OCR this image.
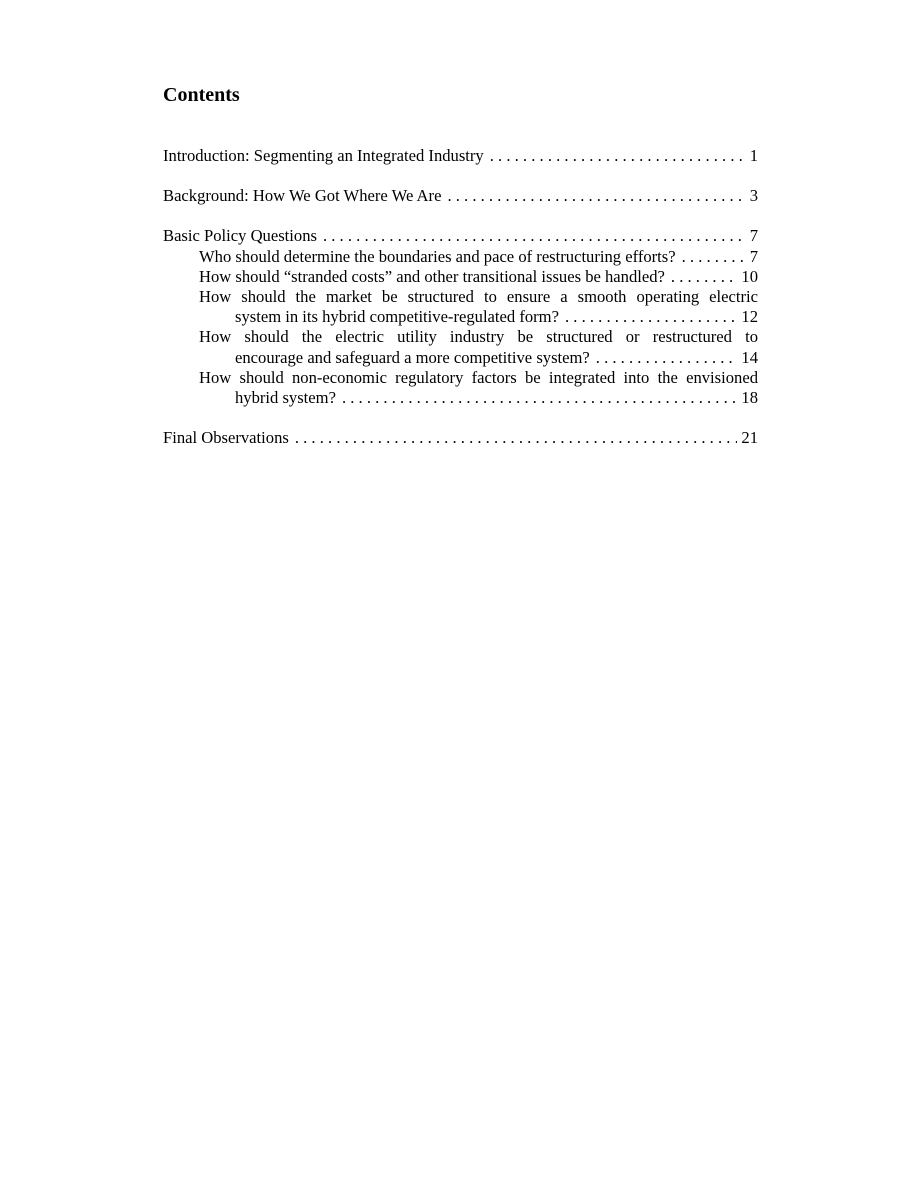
Contents
Introduction: Segmenting an Integrated Industry . . .	1
Background: How We Got Where We Are . . .	3
Basic Policy Questions . . .	7
Who should determine the boundaries and pace of restructuring efforts? . . .	7
How should “stranded costs” and other transitional issues be handled? . . .	10
How should the market be structured to ensure a smooth operating electric
system in its hybrid competitive-regulated form? . . .	12
How should the electric utility industry be structured or restructured to
encourage and safeguard a more competitive system? . . .	14
How should non-economic regulatory factors be integrated into the envisioned
hybrid system? . . .	18
Final Observations . . .	21
